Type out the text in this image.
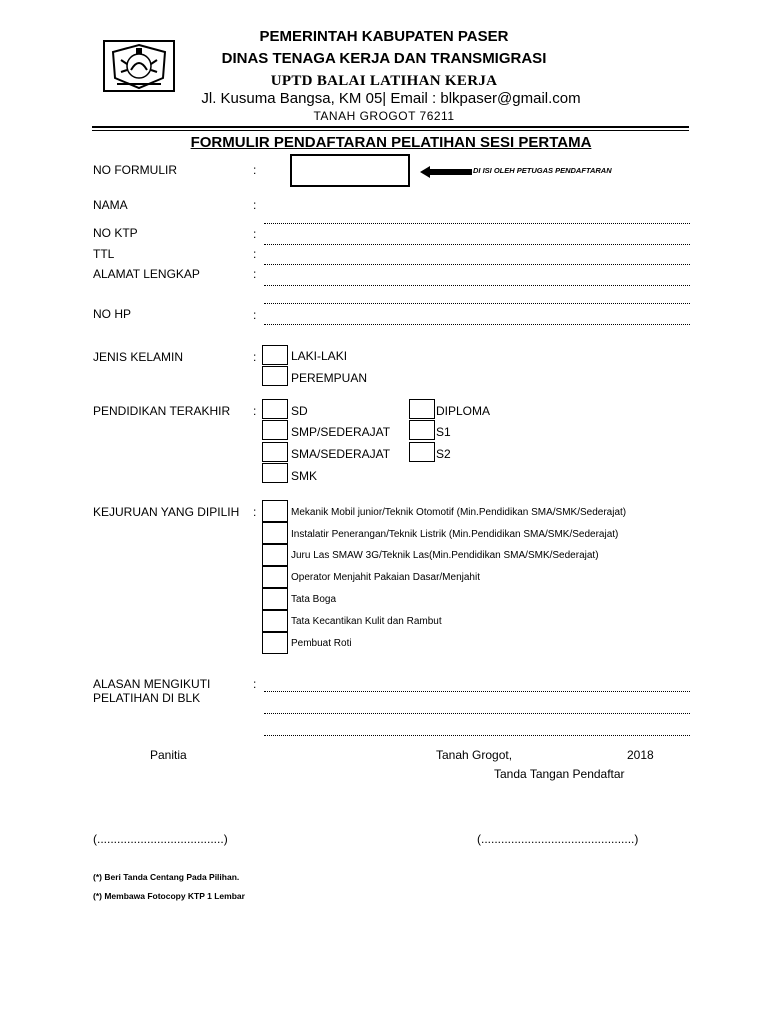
PEMERINTAH KABUPATEN PASER
DINAS TENAGA KERJA DAN TRANSMIGRASI
UPTD BALAI LATIHAN KERJA
Jl. Kusuma Bangsa, KM 05| Email : blkpaser@gmail.com
TANAH GROGOT 76211
FORMULIR PENDAFTARAN PELATIHAN SESI PERTAMA
NO FORMULIR	:	DI ISI OLEH PETUGAS PENDAFTARAN
NAMA	:
NO KTP	:
TTL	:
ALAMAT LENGKAP	:
NO HP	:
JENIS KELAMIN	:	LAKI-LAKI
PEREMPUAN
PENDIDIKAN TERAKHIR :	SD
SMP/SEDERAJAT
SMA/SEDERAJAT
SMK
DIPLOMA
S1
S2
KEJURUAN YANG DIPILIH :	Mekanik Mobil junior/Teknik Otomotif (Min.Pendidikan SMA/SMK/Sederajat)
Instalatir Penerangan/Teknik Listrik (Min.Pendidikan SMA/SMK/Sederajat)
Juru Las SMAW 3G/Teknik Las(Min.Pendidikan SMA/SMK/Sederajat)
Operator Menjahit Pakaian Dasar/Menjahit
Tata Boga
Tata Kecantikan Kulit dan Rambut
Pembuat Roti
ALASAN MENGIKUTI
PELATIHAN DI BLK
:
Panitia	Tanah Grogot,	2018
Tanda Tangan Pendaftar
(......................................)	(..............................................)
(*) Beri Tanda Centang Pada Pilihan.
(*) Membawa Fotocopy KTP 1 Lembar
